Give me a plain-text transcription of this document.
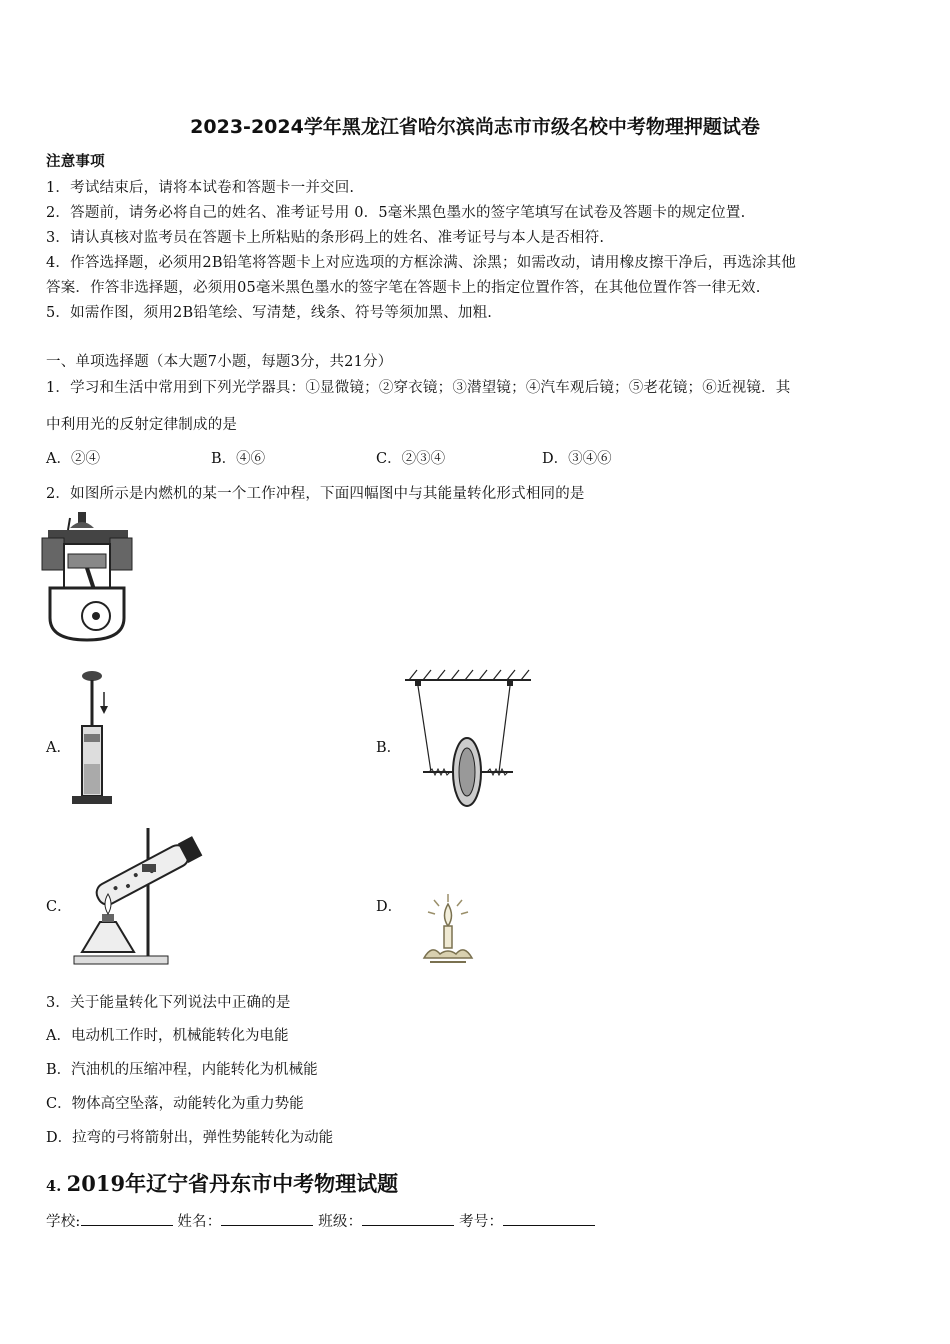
2023-2024学年黑龙江省哈尔滨尚志市市级名校中考物理押题试卷
注意事项
1．考试结束后，请将本试卷和答题卡一并交回.
2．答题前，请务必将自己的姓名、准考证号用 0．5毫米黑色墨水的签字笔填写在试卷及答题卡的规定位置.
3．请认真核对监考员在答题卡上所粘贴的条形码上的姓名、准考证号与本人是否相符.
4．作答选择题，必须用2B铅笔将答题卡上对应选项的方框涂满、涂黑；如需改动，请用橡皮擦干净后，再选涂其他
答案．作答非选择题，必须用05毫米黑色墨水的签字笔在答题卡上的指定位置作答，在其他位置作答一律无效.
5．如需作图，须用2B铅笔绘、写清楚，线条、符号等须加黑、加粗.
一、单项选择题（本大题7小题，每题3分，共21分）
1．学习和生活中常用到下列光学器具：①显微镜；②穿衣镜；③潜望镜；④汽车观后镜；⑤老花镜；⑥近视镜．其
中利用光的反射定律制成的是
A．②④	B．④⑥	C．②③④	D．③④⑥
2．如图所示是内燃机的某一个工作冲程，下面四幅图中与其能量转化形式相同的是
A．	B．
C．	D．
3．关于能量转化下列说法中正确的是
A．电动机工作时，机械能转化为电能
B．汽油机的压缩冲程，内能转化为机械能
C．物体高空坠落，动能转化为重力势能
D．拉弯的弓将箭射出，弹性势能转化为动能
4. 2019年辽宁省丹东市中考物理试题
学校:	姓名：	班级：	考号：
